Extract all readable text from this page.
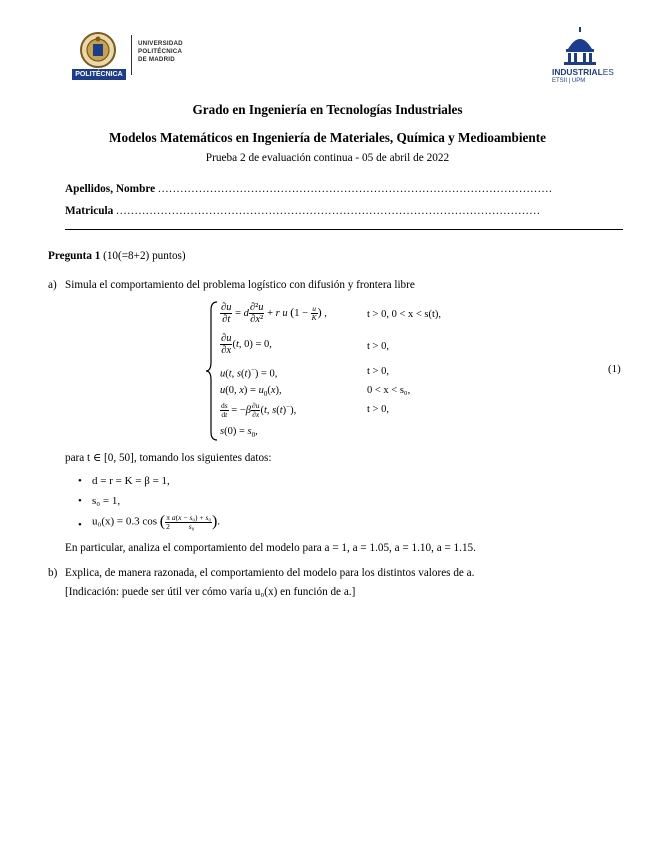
POLITÉCNICA
UNIVERSIDAD
POLITÉCNICA
DE MADRID
INDUSTRIALES
ETSII | UPM
Grado en Ingeniería en Tecnologías Industriales
Modelos Matemáticos en Ingeniería de Materiales, Química y Medioambiente
Prueba 2 de evaluación continua - 05 de abril de 2022
Apellidos, Nombre ..........................................................................................................
Matricula ..................................................................................................................
Pregunta 1 (10(=8+2) puntos)
a) Simula el comportamiento del problema logístico con difusión y frontera libre
$\frac{\partial u}{\partial t} = d \frac{\text{∂²u}}{\text{∂x²}} + r$ u ($1 - \frac{u}{K}$ ) ,	t > 0, 0 < x < s(t),
$\frac{\partial u}{\partial x} (t$, 0) = 0,	t > 0,
u(t, s(t)−) = 0,	t > 0,
u(0, $x) = u_0(x)$,	0 < x < s₀,
$\frac{ds}{dt} = -\beta \frac{\partial u}{\partial x} (t$, s(t)−),	t > 0,
$s(0) = s_0$,
(1)
para t ∈ [0, 50], tomando los siguientes datos:
• d = r = K = β = 1,
• s₀ = 1,
• u₀(x) = 0.3 cos ( $\frac{\pi}{2} \frac{\text{a(x − s₀) + s₀}}{\text{s₀}}$ ).
En particular, analiza el comportamiento del modelo para a = 1, a = 1.05, a = 1.10, a = 1.15.
b) Explica, de manera razonada, el comportamiento del modelo para los distintos valores de a.
[Indicación: puede ser útil ver cómo varía u₀(x) en función de a.]
